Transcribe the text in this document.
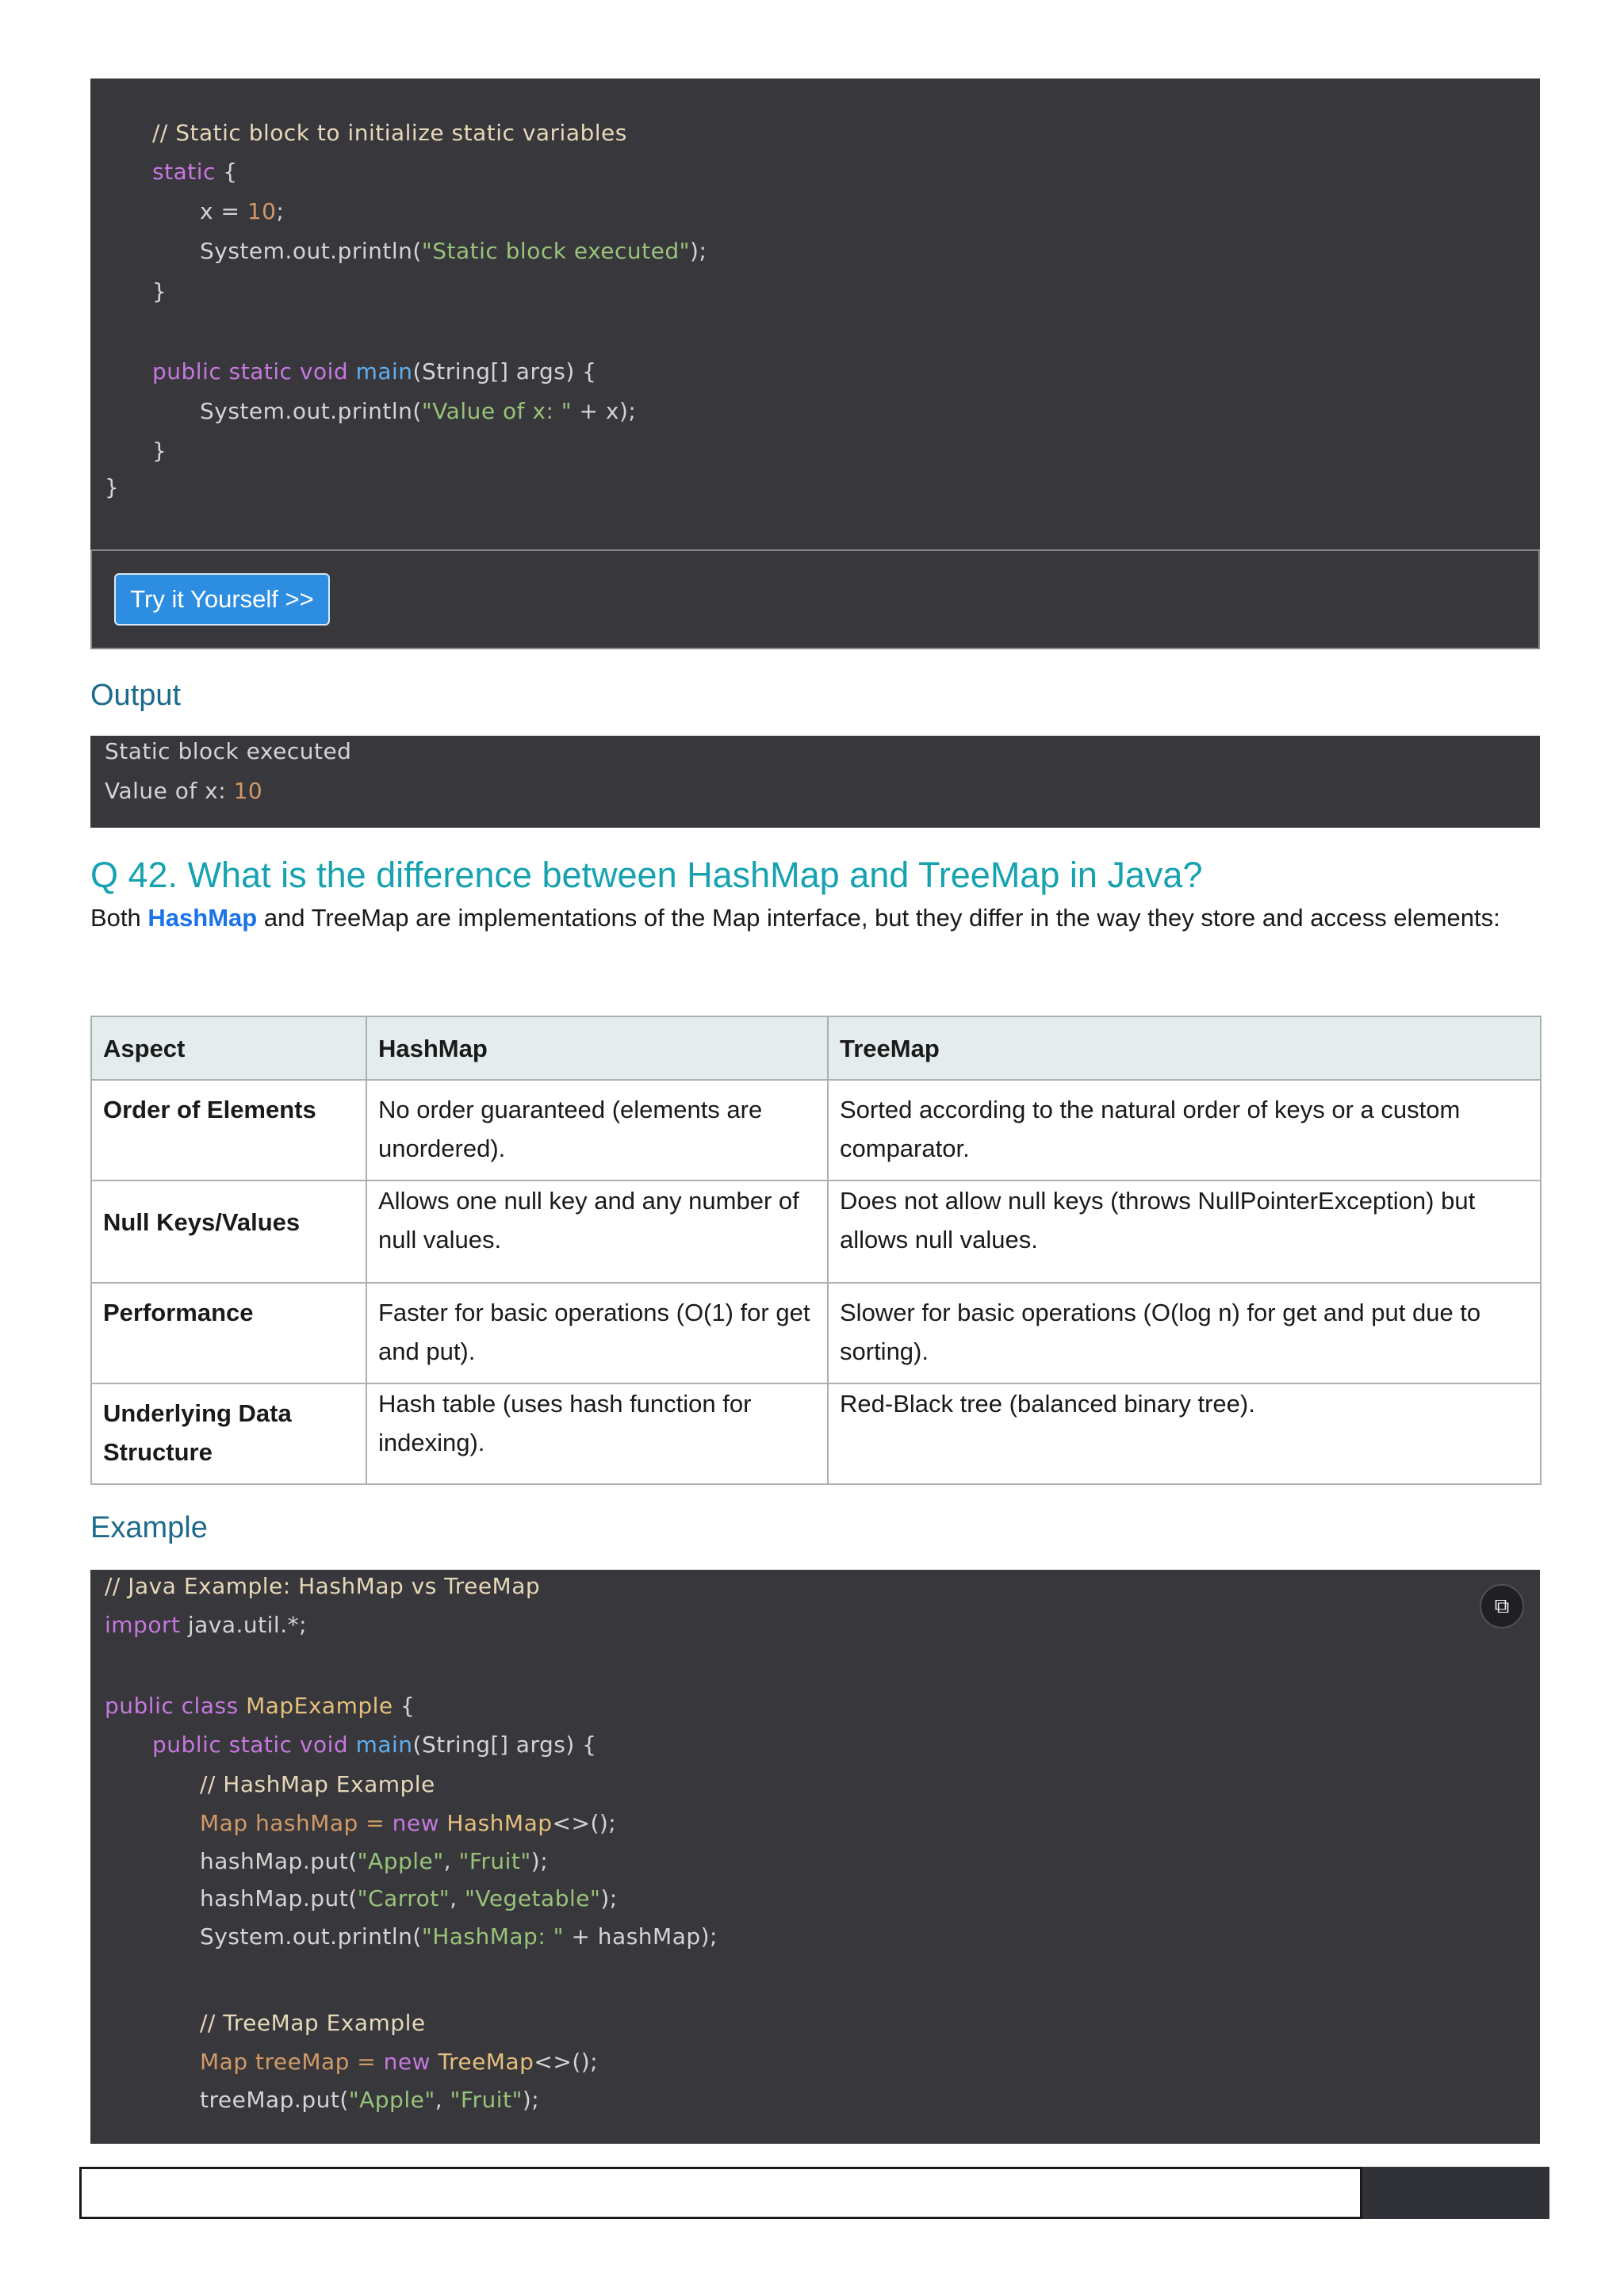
// Static block to initialize static variables
static {
x = 10;
System.out.println("Static block executed");
}
public static void main(String[] args) {
System.out.println("Value of x: " + x);
}
}
Try it Yourself >>
Output
Static block executed
Value of x: 10
Q 42. What is the difference between HashMap and TreeMap in Java?
Both HashMap and TreeMap are implementations of the Map interface, but they differ in the way they store and access elements:
Aspect	HashMap	TreeMap
Order of Elements	No order guaranteed (elements are unordered).	Sorted according to the natural order of keys or a custom comparator.
Null Keys/Values	Allows one null key and any number of null values.	Does not allow null keys (throws NullPointerException) but allows null values.
Performance	Faster for basic operations (O(1) for get and put).	Slower for basic operations (O(log n) for get and put due to sorting).
Underlying Data Structure	Hash table (uses hash function for indexing).	Red-Black tree (balanced binary tree).
Example
// Java Example: HashMap vs TreeMap
import java.util.*;
public class MapExample {
public static void main(String[] args) {
// HashMap Example
Map hashMap = new HashMap<>();
hashMap.put("Apple", "Fruit");
hashMap.put("Carrot", "Vegetable");
System.out.println("HashMap: " + hashMap);
// TreeMap Example
Map treeMap = new TreeMap<>();
treeMap.put("Apple", "Fruit");
⧉
